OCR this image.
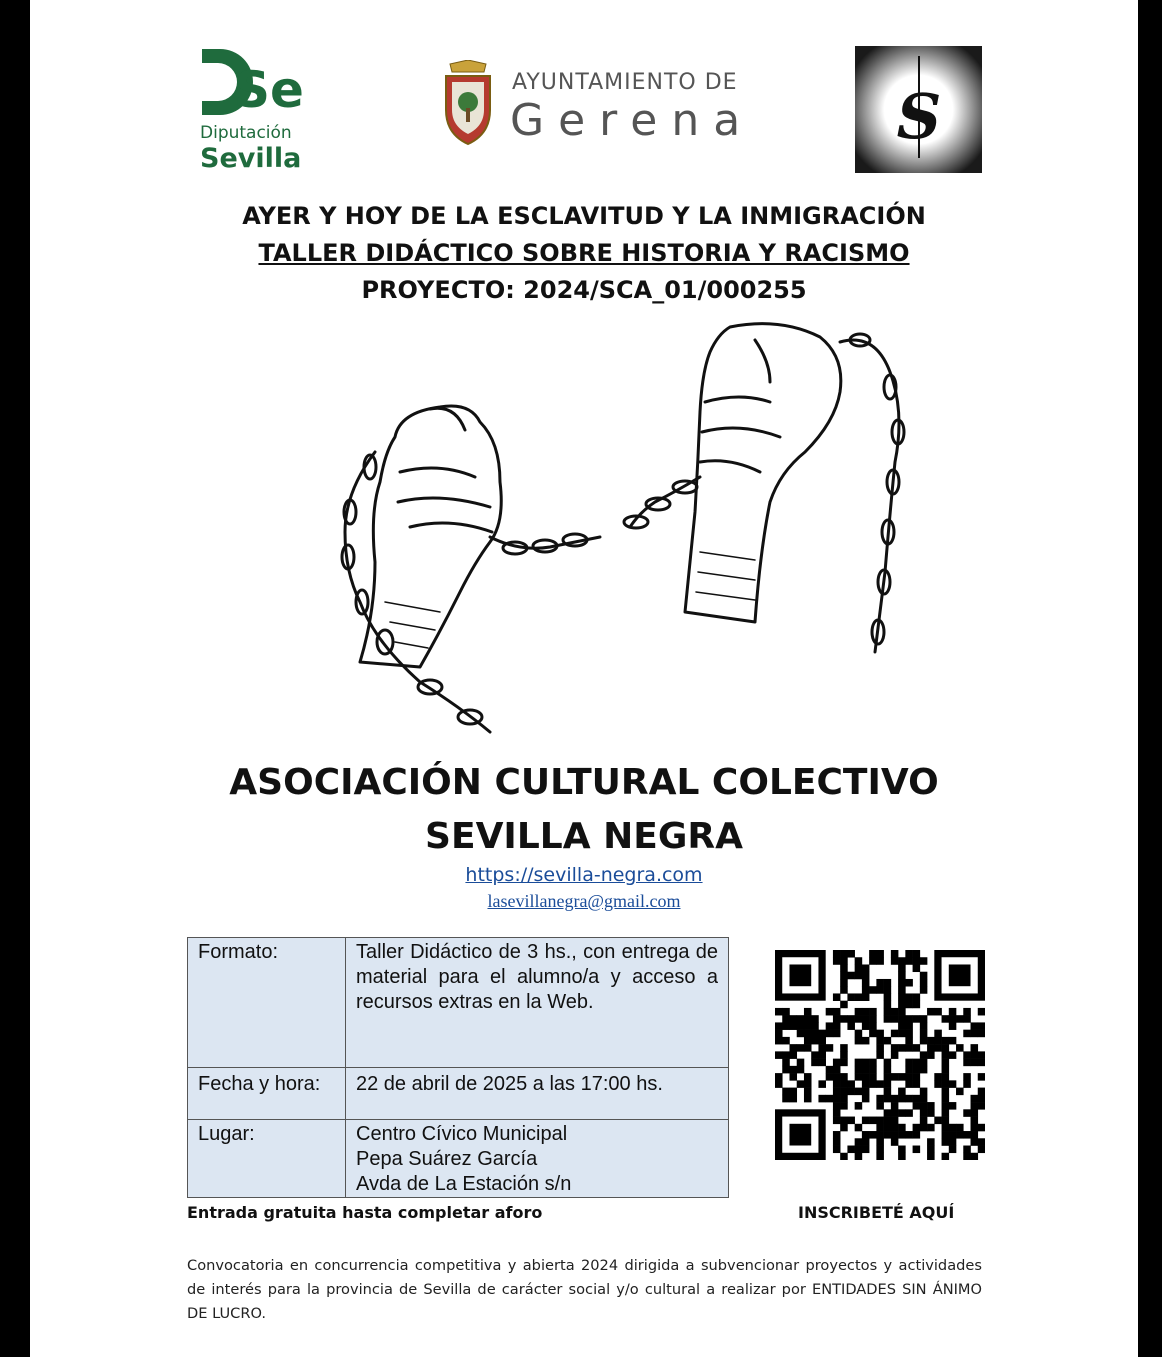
Se
Diputación
Sevilla
AYUNTAMIENTO DE
Gerena S
AYER Y HOY DE LA ESCLAVITUD Y LA INMIGRACIÓN
TALLER DIDÁCTICO SOBRE HISTORIA Y RACISMO
PROYECTO: 2024/SCA_01/000255
ASOCIACIÓN CULTURAL COLECTIVO
SEVILLA NEGRA
https://sevilla-negra.com
lasevillanegra@gmail.com
Formato:	Taller Didáctico de 3 hs., con entrega de material para el alumno/a y acceso a recursos extras en la Web.
Fecha y hora:	22 de abril de 2025 a las 17:00 hs.
Lugar:	Centro Cívico Municipal
Pepa Suárez García
Avda de La Estación s/n
Entrada gratuita hasta completar aforo	INSCRIBETÉ AQUÍ
Convocatoria en concurrencia competitiva y abierta 2024 dirigida a subvencionar proyectos y actividades de interés para la provincia de Sevilla de carácter social y/o cultural a realizar por ENTIDADES SIN ÁNIMO DE LUCRO.
